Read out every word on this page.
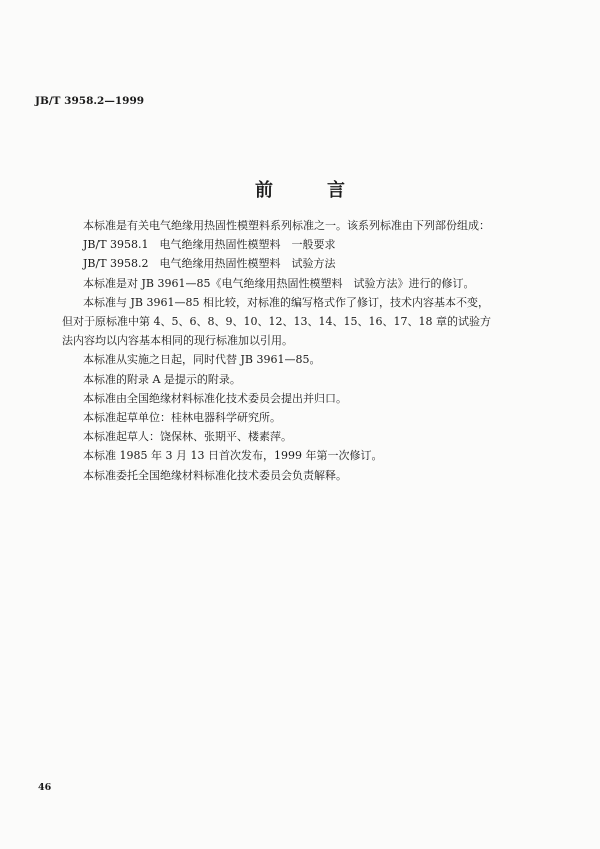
JB/T 3958.2—1999
前　言

本标准是有关电气绝缘用热固性模塑料系列标准之一。该系列标准由下列部份组成：

JB/T 3958.1　电气绝缘用热固性模塑料　一般要求

JB/T 3958.2　电气绝缘用热固性模塑料　试验方法

本标准是对 JB 3961—85《电气绝缘用热固性模塑料　试验方法》进行的修订。

本标准与 JB 3961—85 相比较，对标准的编写格式作了修订，技术内容基本不变，但对于原标准中第 4、5、6、8、9、10、12、13、14、15、16、17、18 章的试验方法内容均以内容基本相同的现行标准加以引用。

本标准从实施之日起，同时代替 JB 3961—85。

本标准的附录 A 是提示的附录。

本标准由全国绝缘材料标准化技术委员会提出并归口。

本标准起草单位：桂林电器科学研究所。

本标准起草人：饶保林、张期平、楼素萍。

本标准 1985 年 3 月 13 日首次发布，1999 年第一次修订。

本标准委托全国绝缘材料标准化技术委员会负责解释。

46
